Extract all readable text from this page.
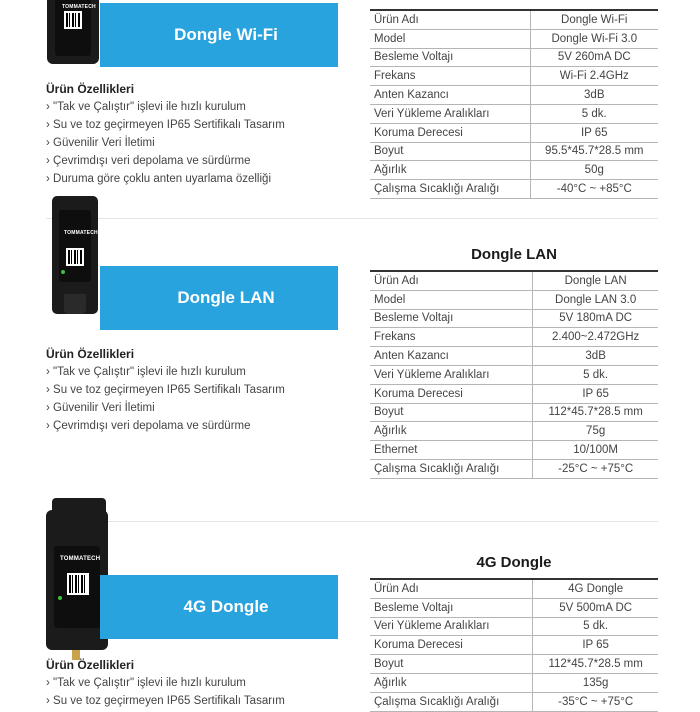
TOMMATECH
Dongle Wi-Fi
Ürün Özellikleri
› "Tak ve Çalıştır" işlevi ile hızlı kurulum
› Su ve toz geçirmeyen IP65 Sertifikalı Tasarım
› Güvenilir Veri İletimi
› Çevrimdışı veri depolama ve sürdürme
› Duruma göre çoklu anten uyarlama özelliği
Ürün Adı	Dongle Wi-Fi
Model	Dongle Wi-Fi 3.0
Besleme Voltajı	5V 260mA DC
Frekans	Wi-Fi 2.4GHz
Anten Kazancı	3dB
Veri Yükleme Aralıkları	5 dk.
Koruma Derecesi	IP 65
Boyut	95.5*45.7*28.5 mm
Ağırlık	50g
Çalışma Sıcaklığı Aralığı	-40°C ~ +85°C
TOMMATECH
Dongle LAN
Ürün Özellikleri
› "Tak ve Çalıştır" işlevi ile hızlı kurulum
› Su ve toz geçirmeyen IP65 Sertifikalı Tasarım
› Güvenilir Veri İletimi
› Çevrimdışı veri depolama ve sürdürme
Dongle LAN
Ürün Adı	Dongle LAN
Model	Dongle LAN 3.0
Besleme Voltajı	5V 180mA DC
Frekans	2.400~2.472GHz
Anten Kazancı	3dB
Veri Yükleme Aralıkları	5 dk.
Koruma Derecesi	IP 65
Boyut	112*45.7*28.5 mm
Ağırlık	75g
Ethernet	10/100M
Çalışma Sıcaklığı Aralığı	-25°C ~ +75°C
TOMMATECH
4G Dongle
Ürün Özellikleri
› "Tak ve Çalıştır" işlevi ile hızlı kurulum
› Su ve toz geçirmeyen IP65 Sertifikalı Tasarım
4G Dongle
Ürün Adı	4G Dongle
Besleme Voltajı	5V 500mA DC
Veri Yükleme Aralıkları	5 dk.
Koruma Derecesi	IP 65
Boyut	112*45.7*28.5 mm
Ağırlık	135g
Çalışma Sıcaklığı Aralığı	-35°C ~ +75°C
